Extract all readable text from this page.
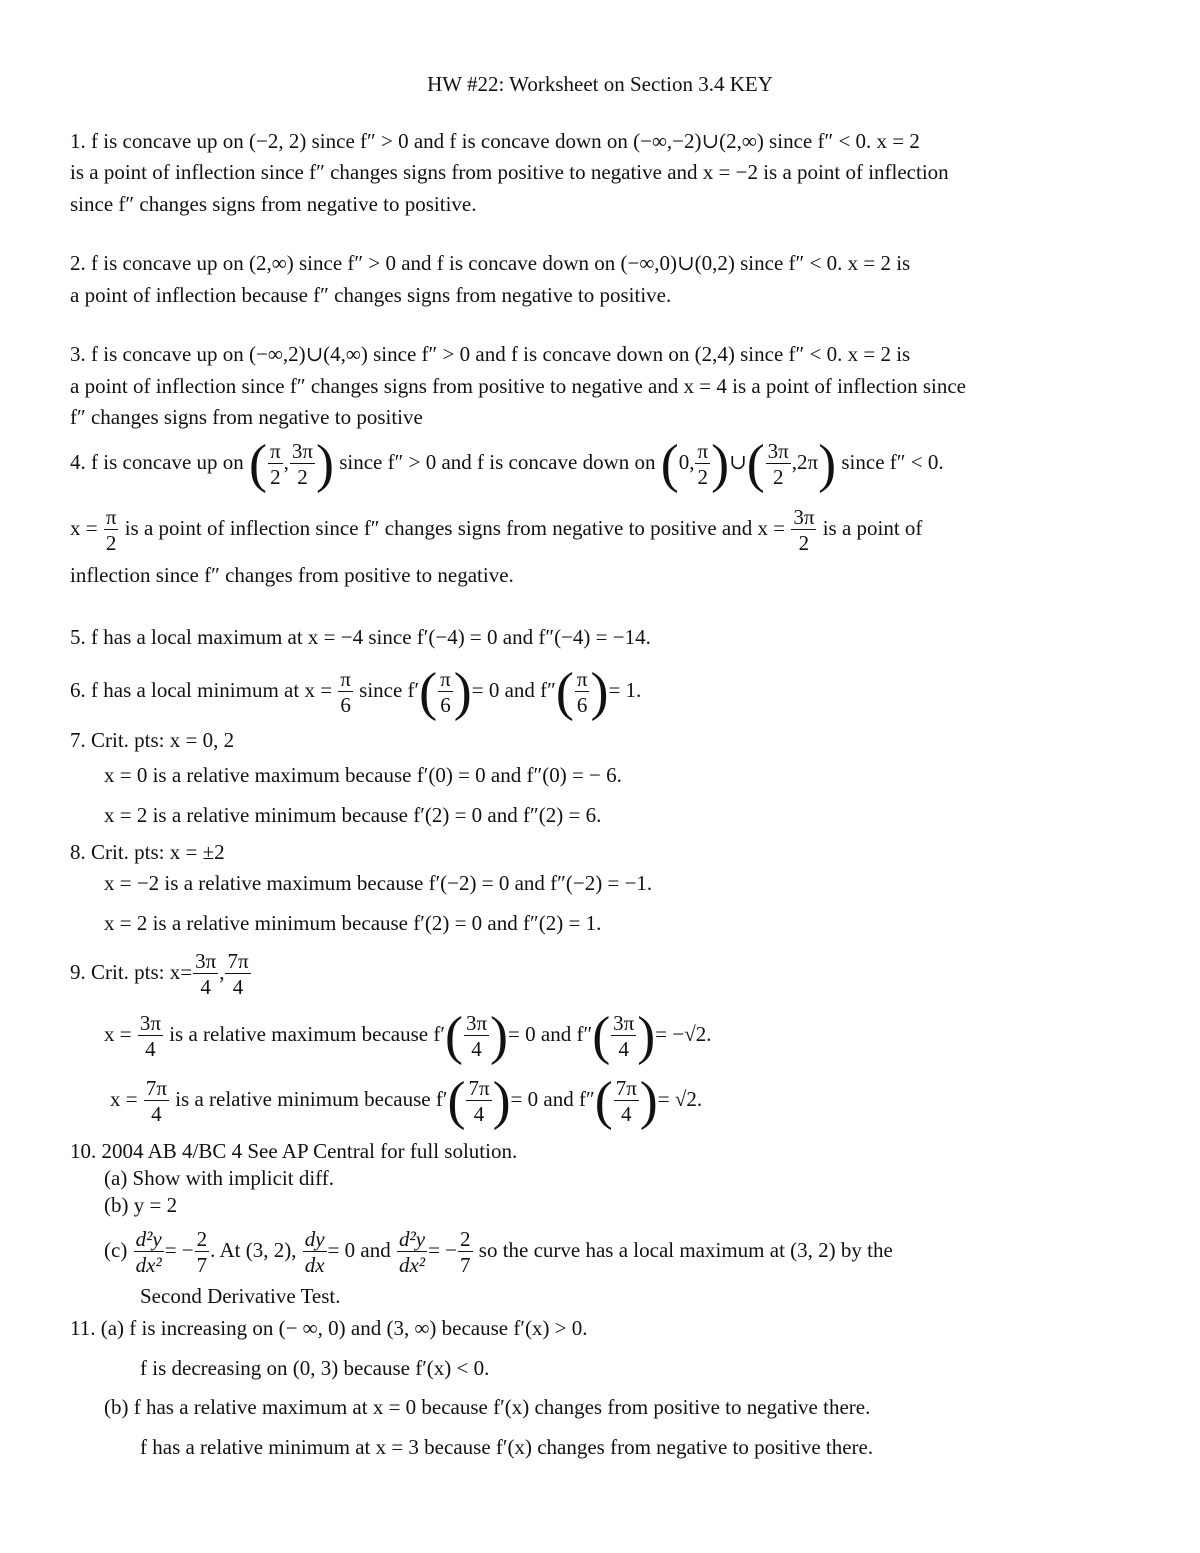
HW #22: Worksheet on Section 3.4 KEY
1. f is concave up on (−2, 2) since f″ > 0 and f is concave down on (−∞,−2)∪(2,∞) since f″ < 0. x = 2
is a point of inflection since f″ changes signs from positive to negative and x = −2 is a point of inflection
since f″ changes signs from negative to positive.
2. f is concave up on (2,∞) since f″ > 0 and f is concave down on (−∞,0)∪(0,2) since f″ < 0. x = 2 is
a point of inflection because f″ changes signs from negative to positive.
3. f is concave up on (−∞,2)∪(4,∞) since f″ > 0 and f is concave down on (2,4) since f″ < 0. x = 2 is
a point of inflection since f″ changes signs from positive to negative and x = 4 is a point of inflection since
f″ changes signs from negative to positive
4. f is concave up on ( $\frac{\pi}{2}$ , $\frac{3\pi}{2}$ ) since f″ > 0 and f is concave down on (0, $\frac{\pi}{2}$ )∪( $\frac{3\pi}{2} ,2\pi$) since f″ < 0.
$x = \frac{\pi}{2}$ is a point of inflection since f″ changes signs from negative to positive and $x = \frac{3\pi}{2}$ is a point of
inflection since f″ changes from positive to negative.
5. f has a local maximum at x = −4 since f′(−4) = 0 and f″(−4) = −14.
6. f has a local minimum at $x = \frac{\pi}{6}$ since $f'( \frac{\pi}{6}$ )= 0 and $f''( \frac{\pi}{6}$ )= 1.
7. Crit. pts: x = 0, 2
x = 0 is a relative maximum because f′(0) = 0 and f″(0) = − 6.
x = 2 is a relative minimum because f′(2) = 0 and f″(2) = 6.
8. Crit. pts: x = ±2
x = −2 is a relative maximum because f′(−2) = 0 and f″(−2) = −1.
x = 2 is a relative minimum because f′(2) = 0 and f″(2) = 1.
9. Crit. pts: $x= \frac{3\pi}{4}$ , $\frac{7\pi}{4}$
$x = \frac{3\pi}{4}$ is a relative maximum because $f'( \frac{3\pi}{4}$ )= 0 and $f''( \frac{3\pi}{4}$ )= −√2.
$x = \frac{7\pi}{4}$ is a relative minimum because $f'( \frac{7\pi}{4}$ )= 0 and $f''( \frac{7\pi}{4}$ )= √2.
10. 2004 AB 4/BC 4 See AP Central for full solution.
(a) Show with implicit diff.
(b) y = 2
$(c) \frac{\text{d²y}}{\text{dx²}}$ = − $\frac{2}{7}$ . At (3, 2), $\frac{dy}{dx} = 0$ and $\frac{\text{d²y}}{\text{dx²}}$ = − $\frac{2}{7}$ so the curve has a local maximum at (3, 2) by the
Second Derivative Test.
11. (a) f is increasing on (− ∞, 0) and (3, ∞) because f′(x) > 0.
f is decreasing on (0, 3) because f′(x) < 0.
(b) f has a relative maximum at x = 0 because f′(x) changes from positive to negative there.
f has a relative minimum at x = 3 because f′(x) changes from negative to positive there.
